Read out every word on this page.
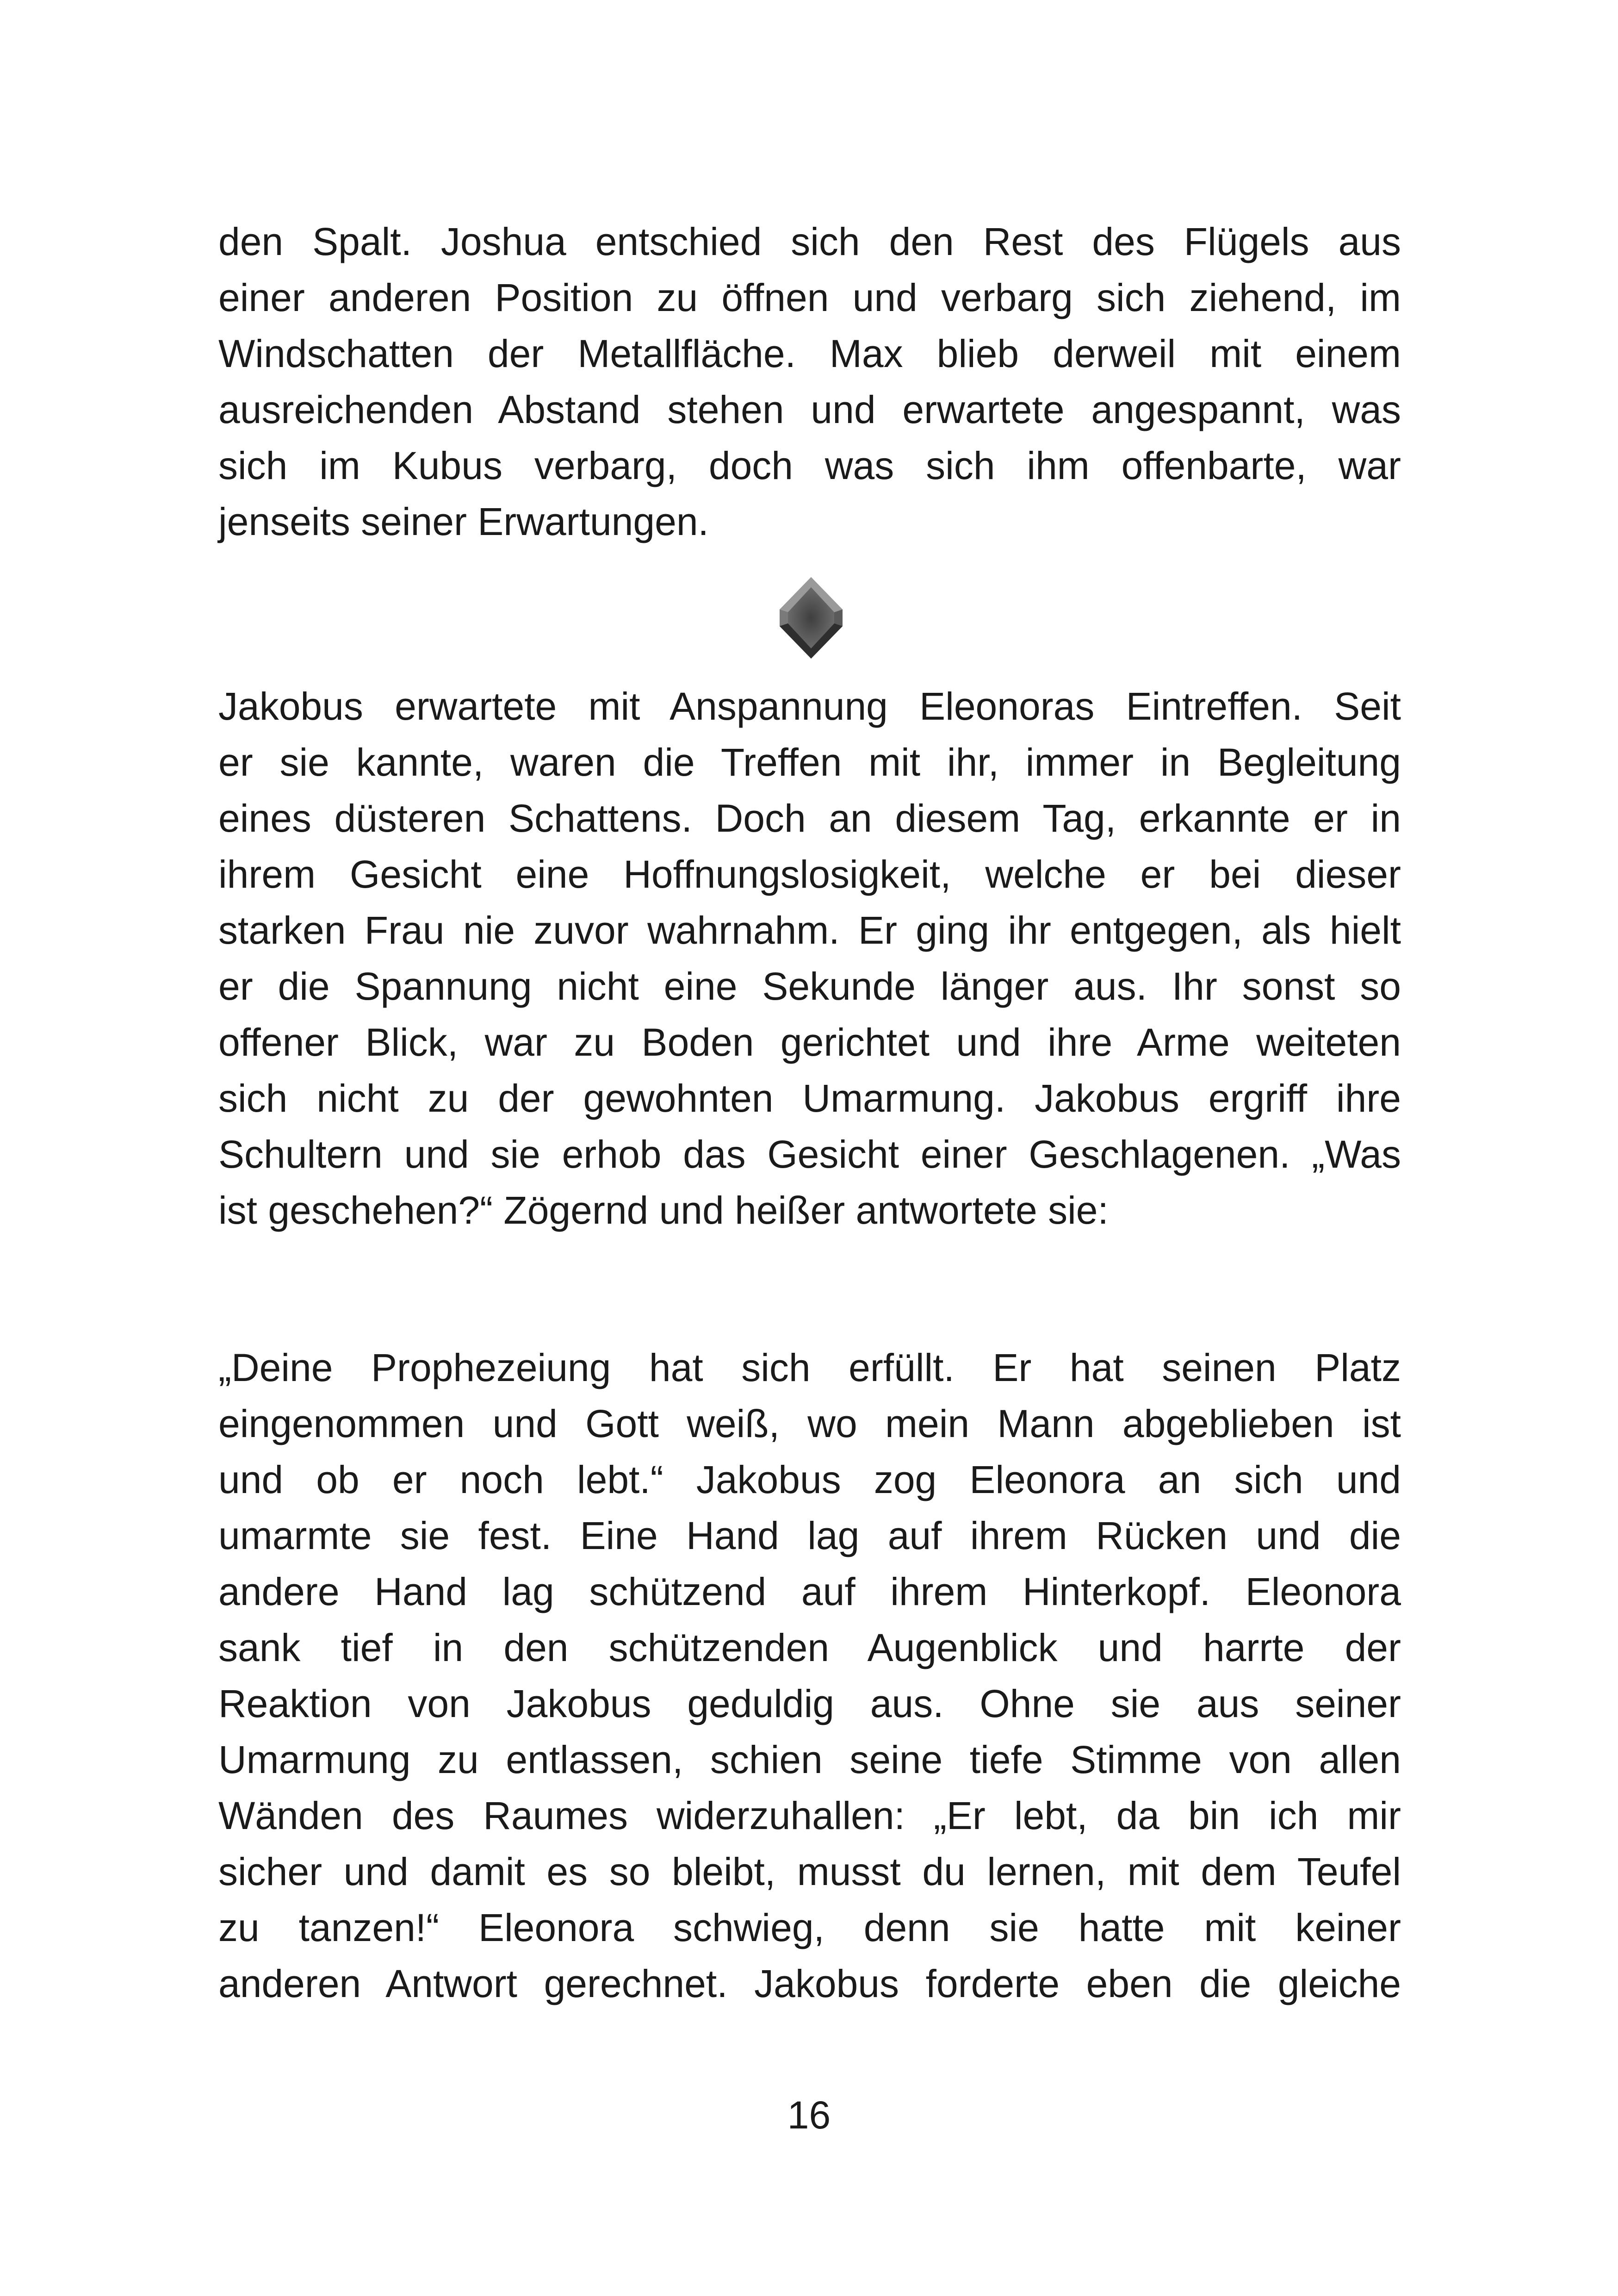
den Spalt. Joshua entschied sich den Rest des Flügels aus
einer anderen Position zu öffnen und verbarg sich ziehend, im
Windschatten der Metallfläche. Max blieb derweil mit einem
ausreichenden Abstand stehen und erwartete angespannt, was
sich im Kubus verbarg, doch was sich ihm offenbarte, war
jenseits seiner Erwartungen.
Jakobus erwartete mit Anspannung Eleonoras Eintreffen. Seit
er sie kannte, waren die Treffen mit ihr, immer in Begleitung
eines düsteren Schattens. Doch an diesem Tag, erkannte er in
ihrem Gesicht eine Hoffnungslosigkeit, welche er bei dieser
starken Frau nie zuvor wahrnahm. Er ging ihr entgegen, als hielt
er die Spannung nicht eine Sekunde länger aus. Ihr sonst so
offener Blick, war zu Boden gerichtet und ihre Arme weiteten
sich nicht zu der gewohnten Umarmung. Jakobus ergriff ihre
Schultern und sie erhob das Gesicht einer Geschlagenen. „Was
ist geschehen?“ Zögernd und heißer antwortete sie:
„Deine Prophezeiung hat sich erfüllt. Er hat seinen Platz
eingenommen und Gott weiß, wo mein Mann abgeblieben ist
und ob er noch lebt.“ Jakobus zog Eleonora an sich und
umarmte sie fest. Eine Hand lag auf ihrem Rücken und die
andere Hand lag schützend auf ihrem Hinterkopf. Eleonora
sank tief in den schützenden Augenblick und harrte der
Reaktion von Jakobus geduldig aus. Ohne sie aus seiner
Umarmung zu entlassen, schien seine tiefe Stimme von allen
Wänden des Raumes widerzuhallen: „Er lebt, da bin ich mir
sicher und damit es so bleibt, musst du lernen, mit dem Teufel
zu tanzen!“ Eleonora schwieg, denn sie hatte mit keiner
anderen Antwort gerechnet. Jakobus forderte eben die gleiche
16
